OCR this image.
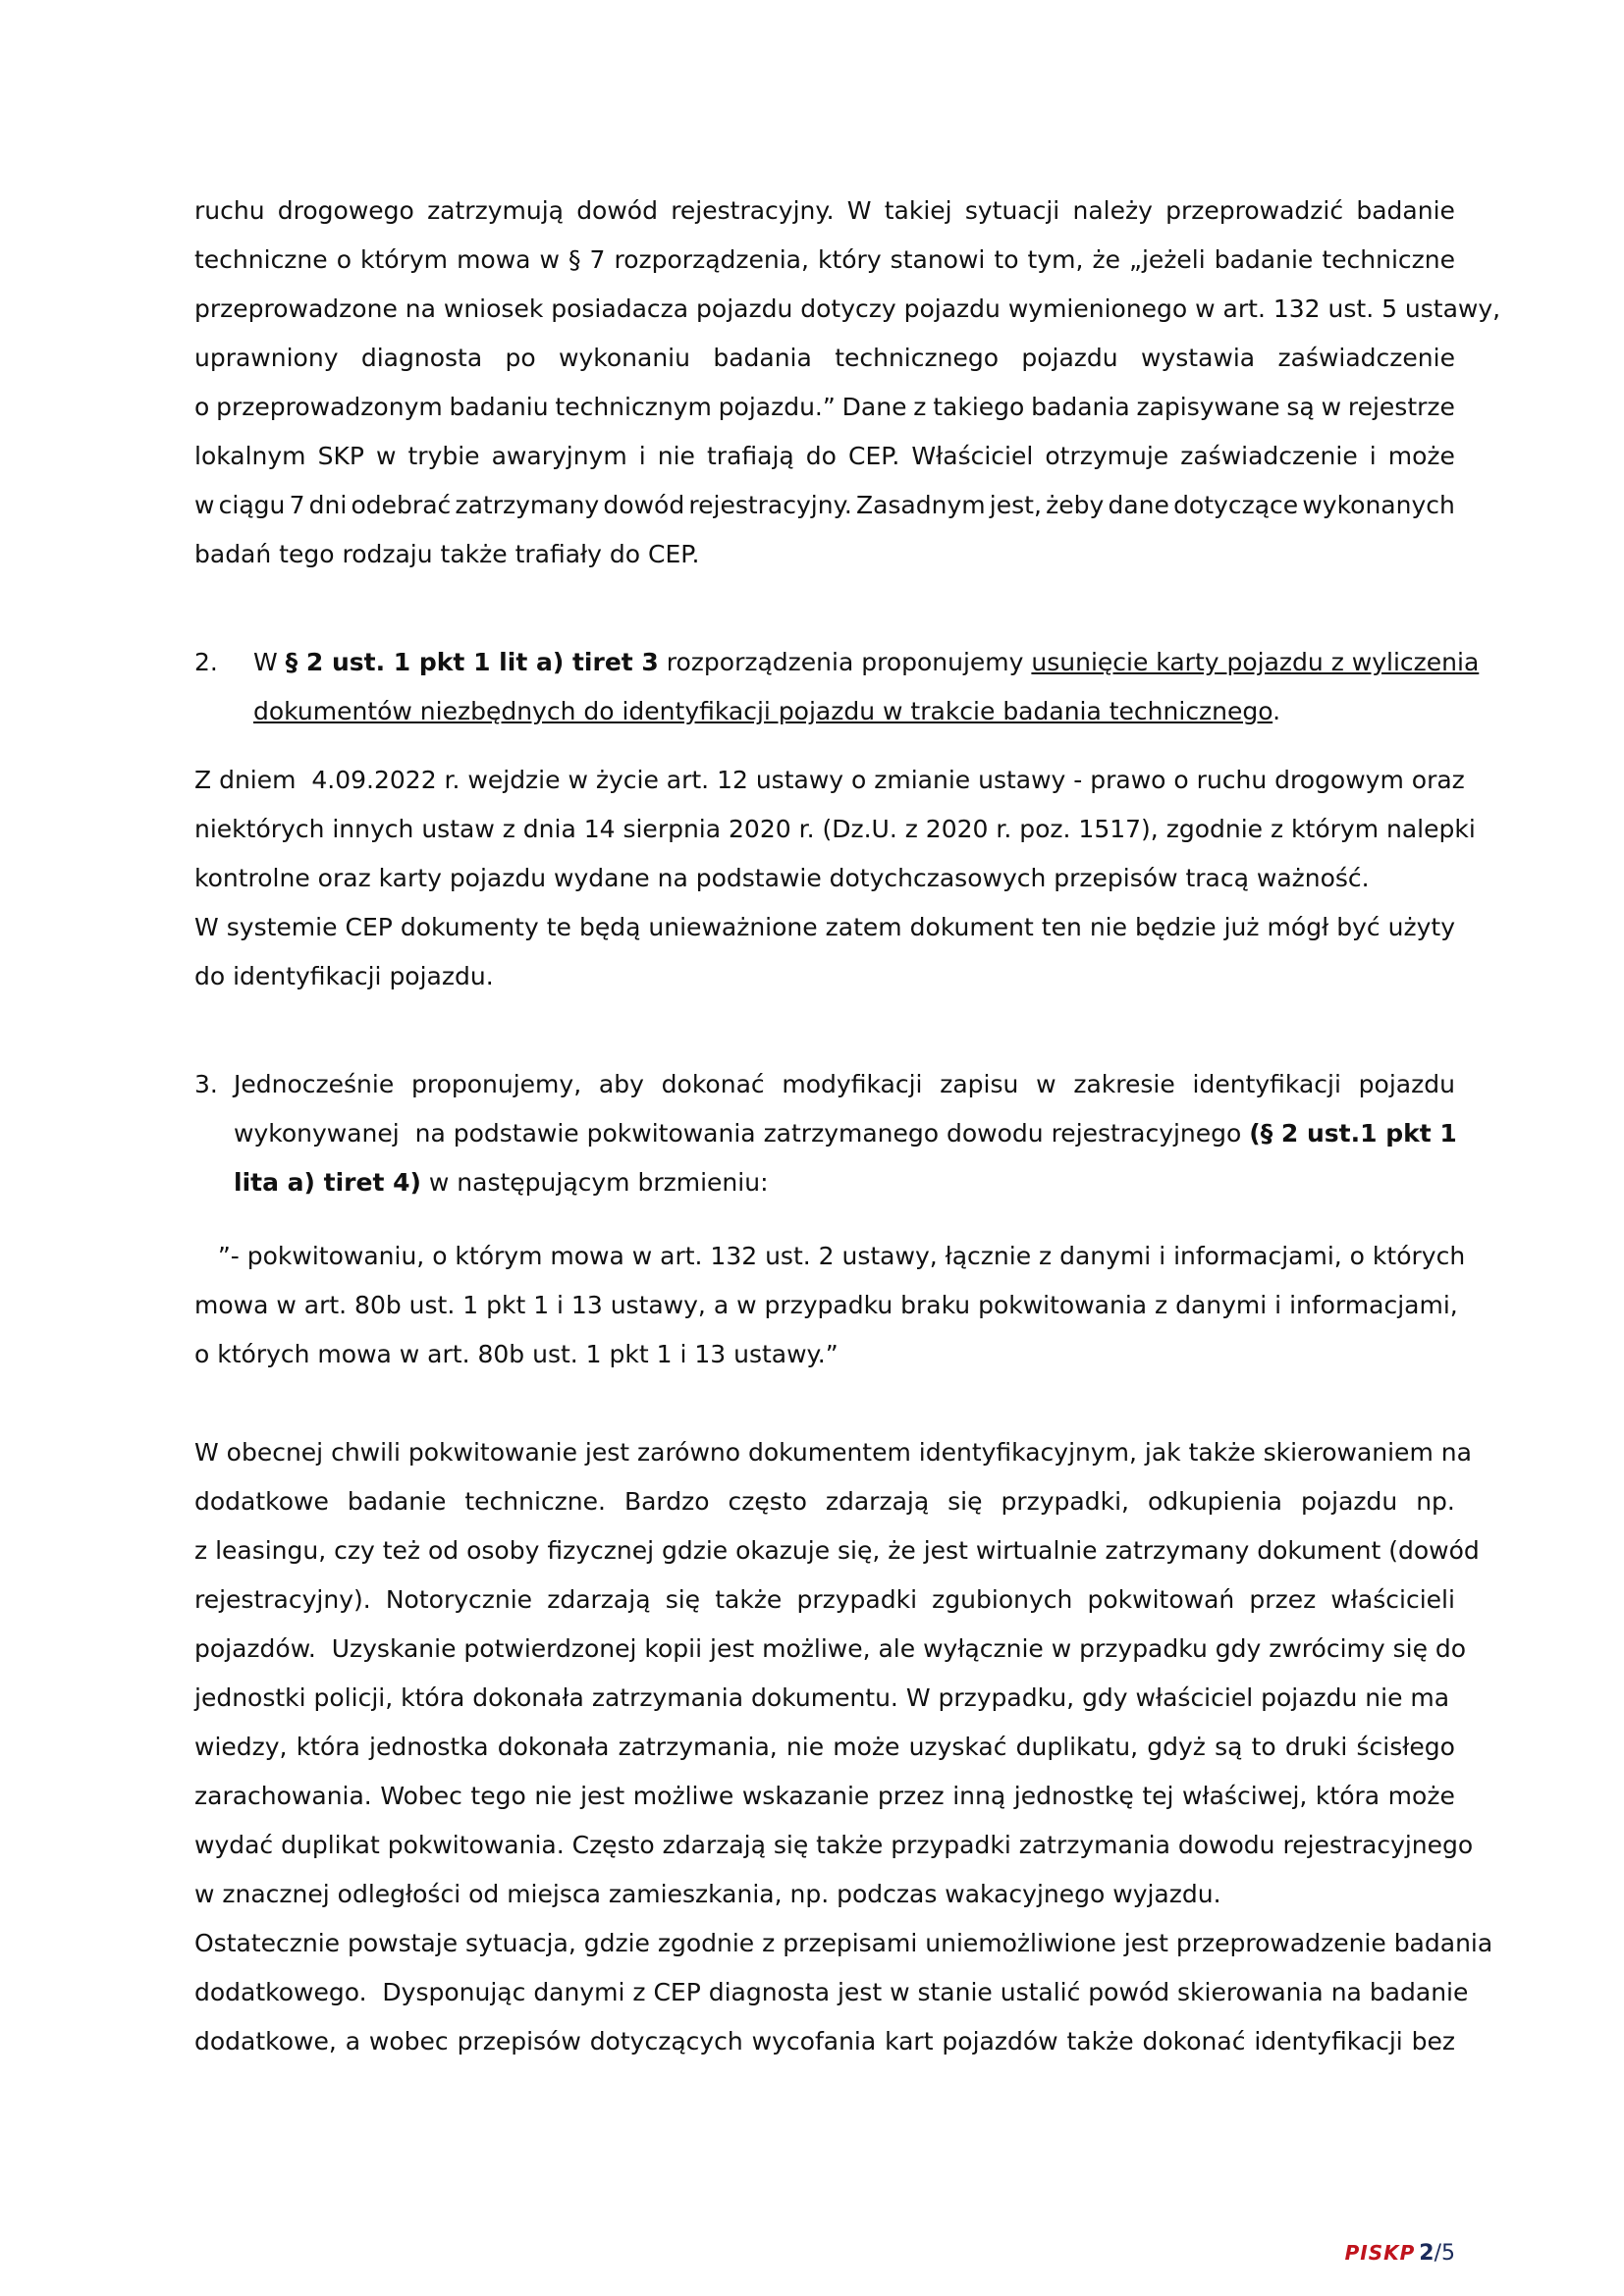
ruchu drogowego zatrzymują dowód rejestracyjny. W takiej sytuacji należy przeprowadzić badanie
techniczne o którym mowa w § 7 rozporządzenia, który stanowi to tym, że „jeżeli badanie techniczne
przeprowadzone na wniosek posiadacza pojazdu dotyczy pojazdu wymienionego w art. 132 ust. 5 ustawy,
uprawniony diagnosta po wykonaniu badania technicznego pojazdu wystawia zaświadczenie
o przeprowadzonym badaniu technicznym pojazdu.” Dane z takiego badania zapisywane są w rejestrze
lokalnym SKP w trybie awaryjnym i nie trafiają do CEP. Właściciel otrzymuje zaświadczenie i może
w ciągu 7 dni odebrać zatrzymany dowód rejestracyjny. Zasadnym jest, żeby dane dotyczące wykonanych
badań tego rodzaju także trafiały do CEP.
2. W § 2 ust. 1 pkt 1 lit a) tiret 3 rozporządzenia proponujemy usunięcie karty pojazdu z wyliczenia
dokumentów niezbędnych do identyfikacji pojazdu w trakcie badania technicznego.
Z dniem  4.09.2022 r. wejdzie w życie art. 12 ustawy o zmianie ustawy - prawo o ruchu drogowym oraz
niektórych innych ustaw z dnia 14 sierpnia 2020 r. (Dz.U. z 2020 r. poz. 1517), zgodnie z którym nalepki
kontrolne oraz karty pojazdu wydane na podstawie dotychczasowych przepisów tracą ważność.
W systemie CEP dokumenty te będą unieważnione zatem dokument ten nie będzie już mógł być użyty
do identyfikacji pojazdu.
3. Jednocześnie proponujemy, aby dokonać modyfikacji zapisu w zakresie identyfikacji pojazdu
wykonywanej  na podstawie pokwitowania zatrzymanego dowodu rejestracyjnego (§ 2 ust.1 pkt 1
lita a) tiret 4) w następującym brzmieniu:
”- pokwitowaniu, o którym mowa w art. 132 ust. 2 ustawy, łącznie z danymi i informacjami, o których
mowa w art. 80b ust. 1 pkt 1 i 13 ustawy, a w przypadku braku pokwitowania z danymi i informacjami,
o których mowa w art. 80b ust. 1 pkt 1 i 13 ustawy.”
W obecnej chwili pokwitowanie jest zarówno dokumentem identyfikacyjnym, jak także skierowaniem na
dodatkowe badanie techniczne. Bardzo często zdarzają się przypadki, odkupienia pojazdu np.
z leasingu, czy też od osoby fizycznej gdzie okazuje się, że jest wirtualnie zatrzymany dokument (dowód
rejestracyjny). Notorycznie zdarzają się także przypadki zgubionych pokwitowań przez właścicieli
pojazdów.  Uzyskanie potwierdzonej kopii jest możliwe, ale wyłącznie w przypadku gdy zwrócimy się do
jednostki policji, która dokonała zatrzymania dokumentu. W przypadku, gdy właściciel pojazdu nie ma
wiedzy, która jednostka dokonała zatrzymania, nie może uzyskać duplikatu, gdyż są to druki ścisłego
zarachowania. Wobec tego nie jest możliwe wskazanie przez inną jednostkę tej właściwej, która może
wydać duplikat pokwitowania. Często zdarzają się także przypadki zatrzymania dowodu rejestracyjnego
w znacznej odległości od miejsca zamieszkania, np. podczas wakacyjnego wyjazdu.
Ostatecznie powstaje sytuacja, gdzie zgodnie z przepisami uniemożliwione jest przeprowadzenie badania
dodatkowego.  Dysponując danymi z CEP diagnosta jest w stanie ustalić powód skierowania na badanie
dodatkowe, a wobec przepisów dotyczących wycofania kart pojazdów także dokonać identyfikacji bez
PISKP 2/5
